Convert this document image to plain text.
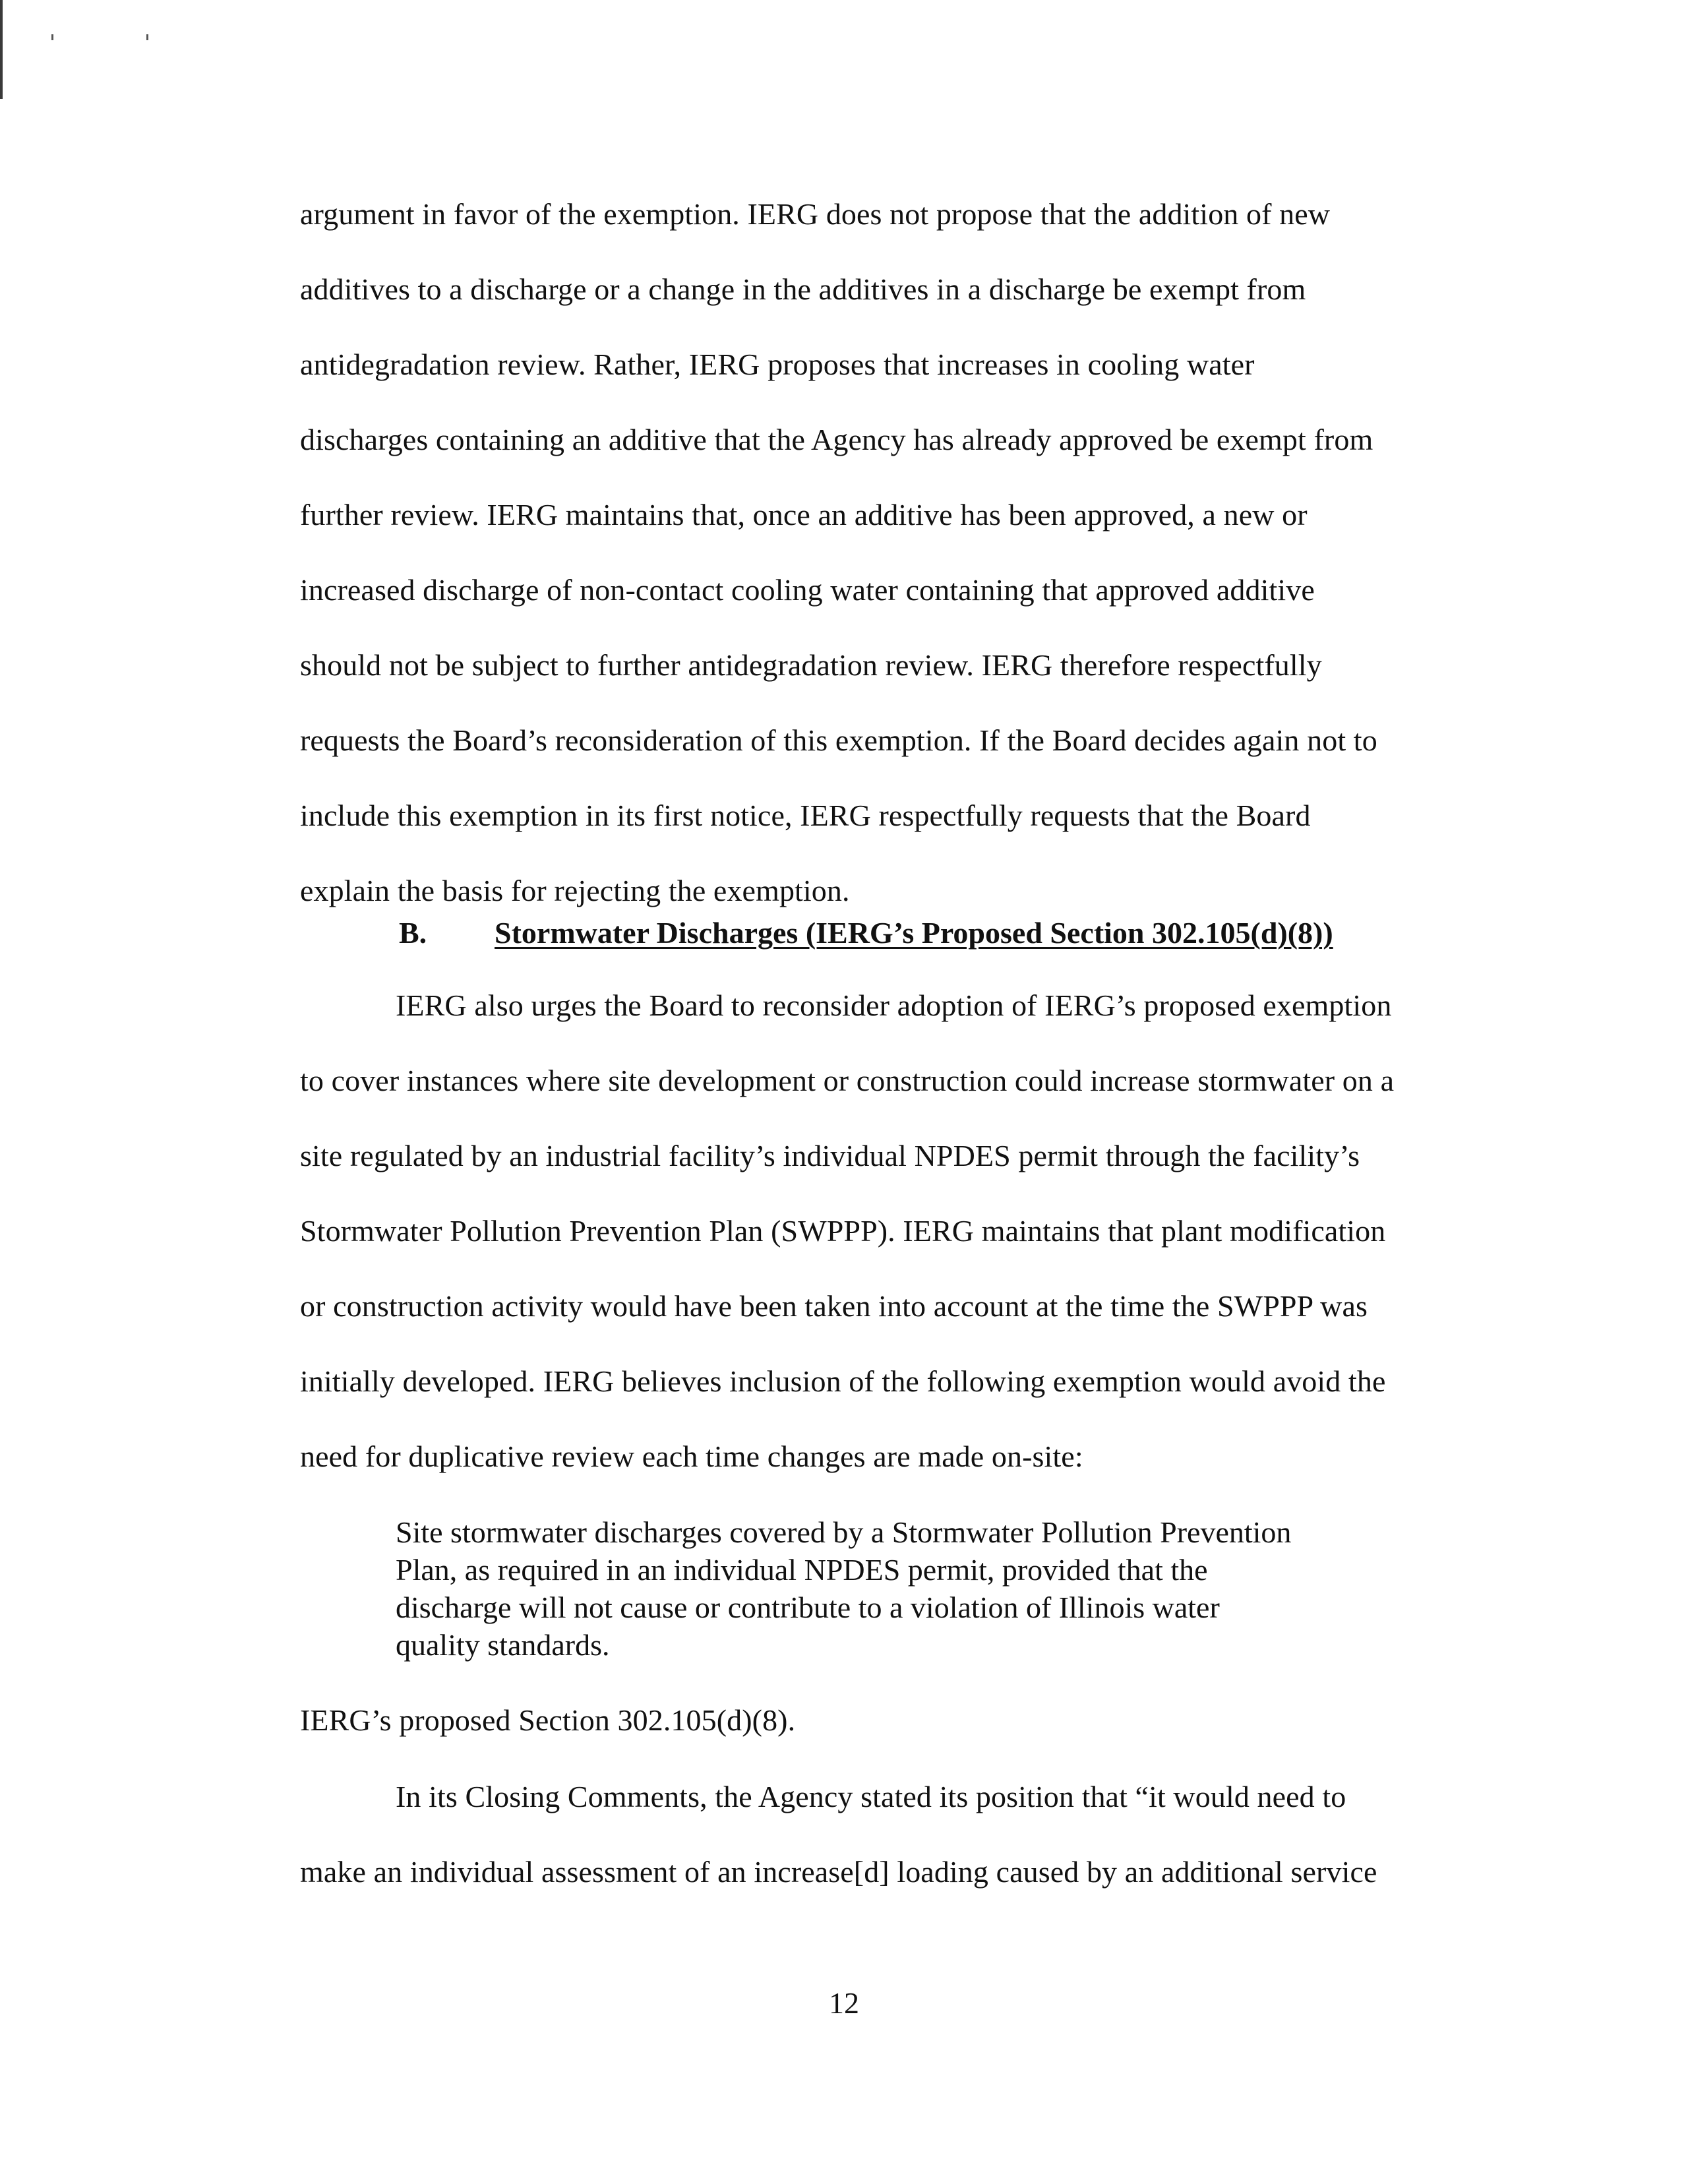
argument in favor of the exemption. IERG does not propose that the addition of new
additives to a discharge or a change in the additives in a discharge be exempt from
antidegradation review. Rather, IERG proposes that increases in cooling water
discharges containing an additive that the Agency has already approved be exempt from
further review. IERG maintains that, once an additive has been approved, a new or
increased discharge of non-contact cooling water containing that approved additive
should not be subject to further antidegradation review. IERG therefore respectfully
requests the Board’s reconsideration of this exemption. If the Board decides again not to
include this exemption in its first notice, IERG respectfully requests that the Board
explain the basis for rejecting the exemption.
B. Stormwater Discharges (IERG’s Proposed Section 302.105(d)(8))
IERG also urges the Board to reconsider adoption of IERG’s proposed exemption
to cover instances where site development or construction could increase stormwater on a
site regulated by an industrial facility’s individual NPDES permit through the facility’s
Stormwater Pollution Prevention Plan (SWPPP). IERG maintains that plant modification
or construction activity would have been taken into account at the time the SWPPP was
initially developed. IERG believes inclusion of the following exemption would avoid the
need for duplicative review each time changes are made on-site:
Site stormwater discharges covered by a Stormwater Pollution Prevention
Plan, as required in an individual NPDES permit, provided that the
discharge will not cause or contribute to a violation of Illinois water
quality standards.
IERG’s proposed Section 302.105(d)(8).
In its Closing Comments, the Agency stated its position that “it would need to
make an individual assessment of an increase[d] loading caused by an additional service
12
